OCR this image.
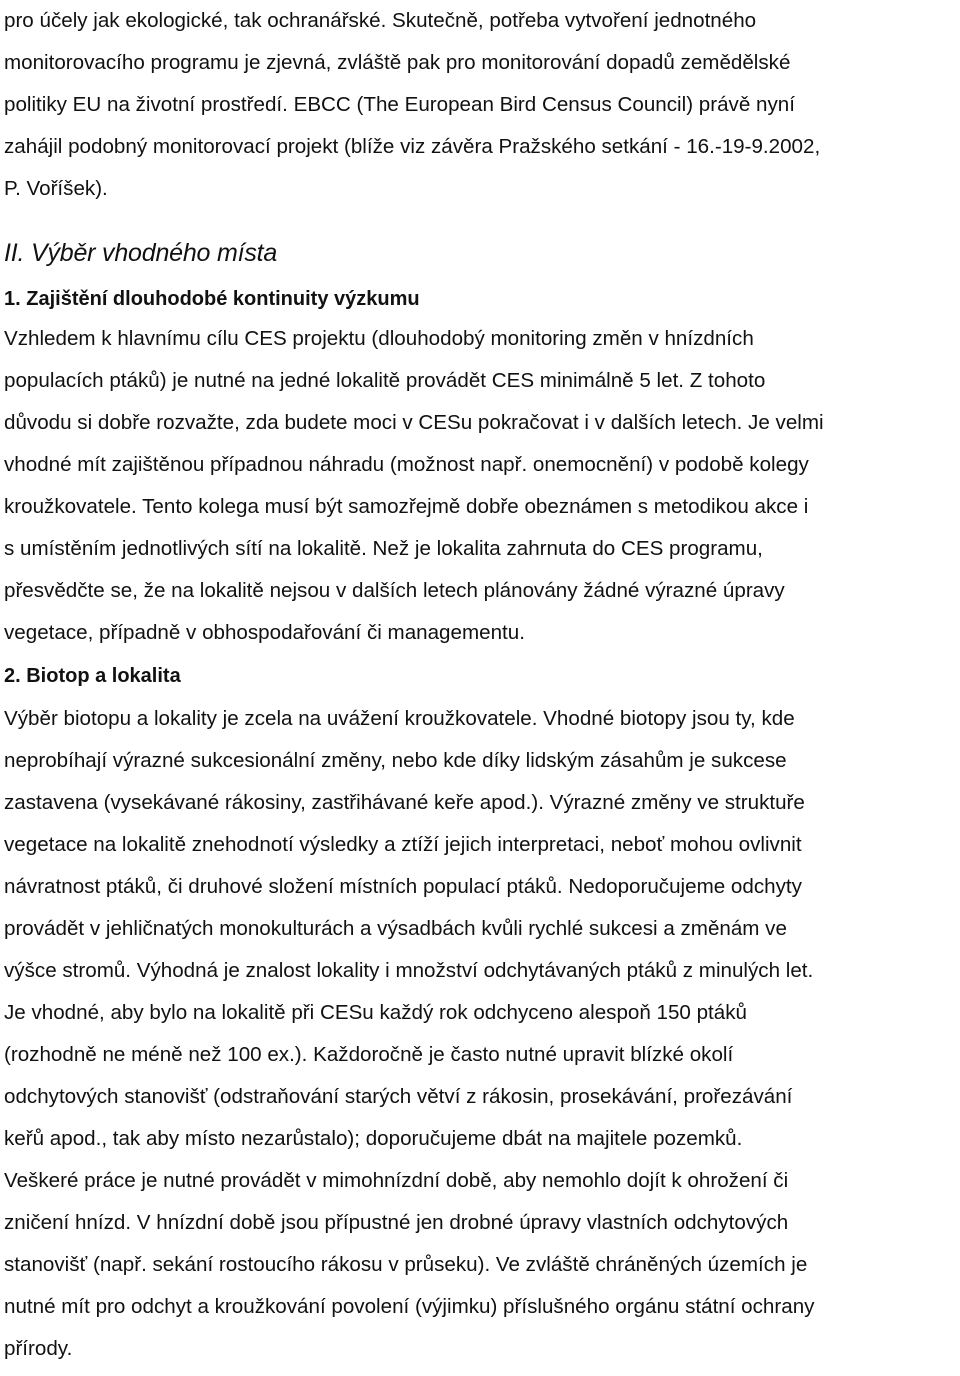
pro účely jak ekologické, tak ochranářské. Skutečně, potřeba vytvoření jednotného
monitorovacího programu je zjevná, zvláště pak pro monitorování dopadů zemědělské
politiky EU na životní prostředí. EBCC (The European Bird Census Council) právě nyní
zahájil podobný monitorovací projekt (blíže viz závěra Pražského setkání - 16.-19-9.2002,
P. Voříšek).
II. Výběr vhodného místa
1. Zajištění dlouhodobé kontinuity výzkumu
Vzhledem k hlavnímu cílu CES projektu (dlouhodobý monitoring změn v hnízdních
populacích ptáků) je nutné na jedné lokalitě provádět CES minimálně 5 let. Z tohoto
důvodu si dobře rozvažte, zda budete moci v CESu pokračovat i v dalších letech. Je velmi
vhodné mít zajištěnou případnou náhradu (možnost např. onemocnění) v podobě kolegy
kroužkovatele. Tento kolega musí být samozřejmě dobře obeznámen s metodikou akce i
s umístěním jednotlivých sítí na lokalitě. Než je lokalita zahrnuta do CES programu,
přesvědčte se, že na lokalitě nejsou v dalších letech plánovány žádné výrazné úpravy
vegetace, případně v obhospodařování či managementu.
2. Biotop a lokalita
Výběr biotopu a lokality je zcela na uvážení kroužkovatele. Vhodné biotopy jsou ty, kde
neprobíhají výrazné sukcesionální změny, nebo kde díky lidským zásahům je sukcese
zastavena (vysekávané rákosiny, zastřihávané keře apod.). Výrazné změny ve struktuře
vegetace na lokalitě znehodnotí výsledky a ztíží jejich interpretaci, neboť mohou ovlivnit
návratnost ptáků, či druhové složení místních populací ptáků. Nedoporučujeme odchyty
provádět v jehličnatých monokulturách a výsadbách kvůli rychlé sukcesi a změnám ve
výšce stromů. Výhodná je znalost lokality i množství odchytávaných ptáků z minulých let.
Je vhodné, aby bylo na lokalitě při CESu každý rok odchyceno alespoň 150 ptáků
(rozhodně ne méně než 100 ex.). Každoročně je často nutné upravit blízké okolí
odchytových stanovišť (odstraňování starých větví z rákosin, prosekávání, prořezávání
keřů apod., tak aby místo nezarůstalo); doporučujeme dbát na majitele pozemků.
Veškeré práce je nutné provádět v mimohnízdní době, aby nemohlo dojít k ohrožení či
zničení hnízd. V hnízdní době jsou přípustné jen drobné úpravy vlastních odchytových
stanovišť (např. sekání rostoucího rákosu v průseku). Ve zvláště chráněných územích je
nutné mít pro odchyt a kroužkování povolení (výjimku) příslušného orgánu státní ochrany
přírody.
